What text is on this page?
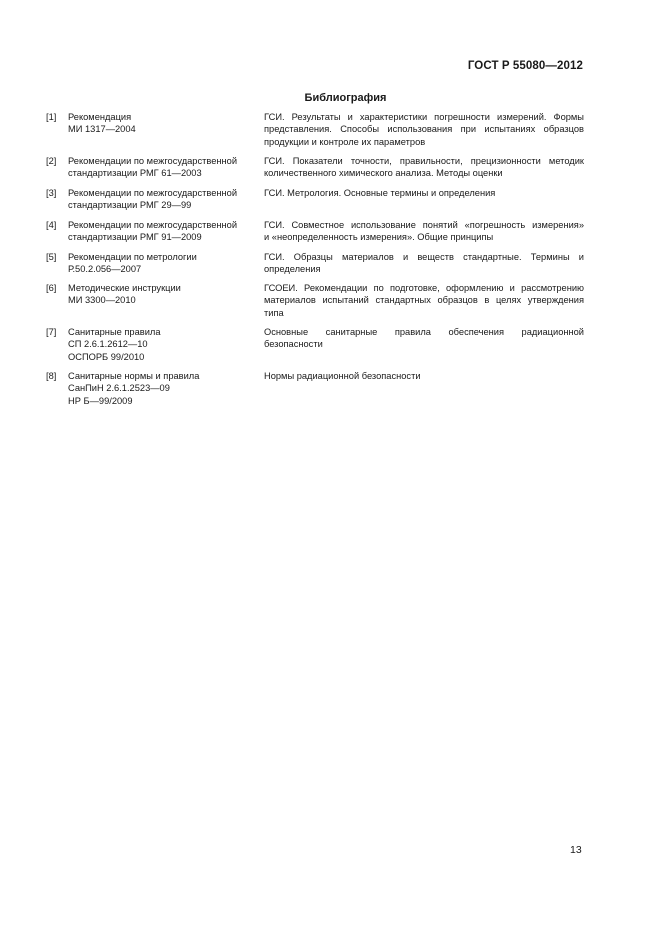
ГОСТ Р 55080—2012
Библиография
[1] Рекомендация
МИ 1317—2004
ГСИ. Результаты и характеристики погрешности измерений. Формы
представления. Способы использования при испытаниях образцов
продукции и контроле их параметров
[2] Рекомендации по межгосударственной
стандартизации РМГ 61—2003
ГСИ. Показатели точности, правильности, прецизионности методик
количественного химического анализа. Методы оценки
[3] Рекомендации по межгосударственной
стандартизации РМГ 29—99
ГСИ. Метрология. Основные термины и определения
[4] Рекомендации по межгосударственной
стандартизации РМГ 91—2009
ГСИ. Совместное использование понятий «погрешность измерения»
и «неопределенность измерения». Общие принципы
[5] Рекомендации по метрологии
Р.50.2.056—2007
ГСИ. Образцы материалов и веществ стандартные. Термины и
определения
[6] Методические инструкции
МИ 3300—2010
ГСОЕИ. Рекомендации по подготовке, оформлению и рассмотрению
материалов испытаний стандартных образцов в целях утверждения
типа
[7] Санитарные правила
СП 2.6.1.2612—10
ОСПОРБ 99/2010
Основные санитарные правила обеспечения радиационной
безопасности
[8] Санитарные нормы и правила
СанПиН 2.6.1.2523—09
НР Б—99/2009
Нормы радиационной безопасности
13
